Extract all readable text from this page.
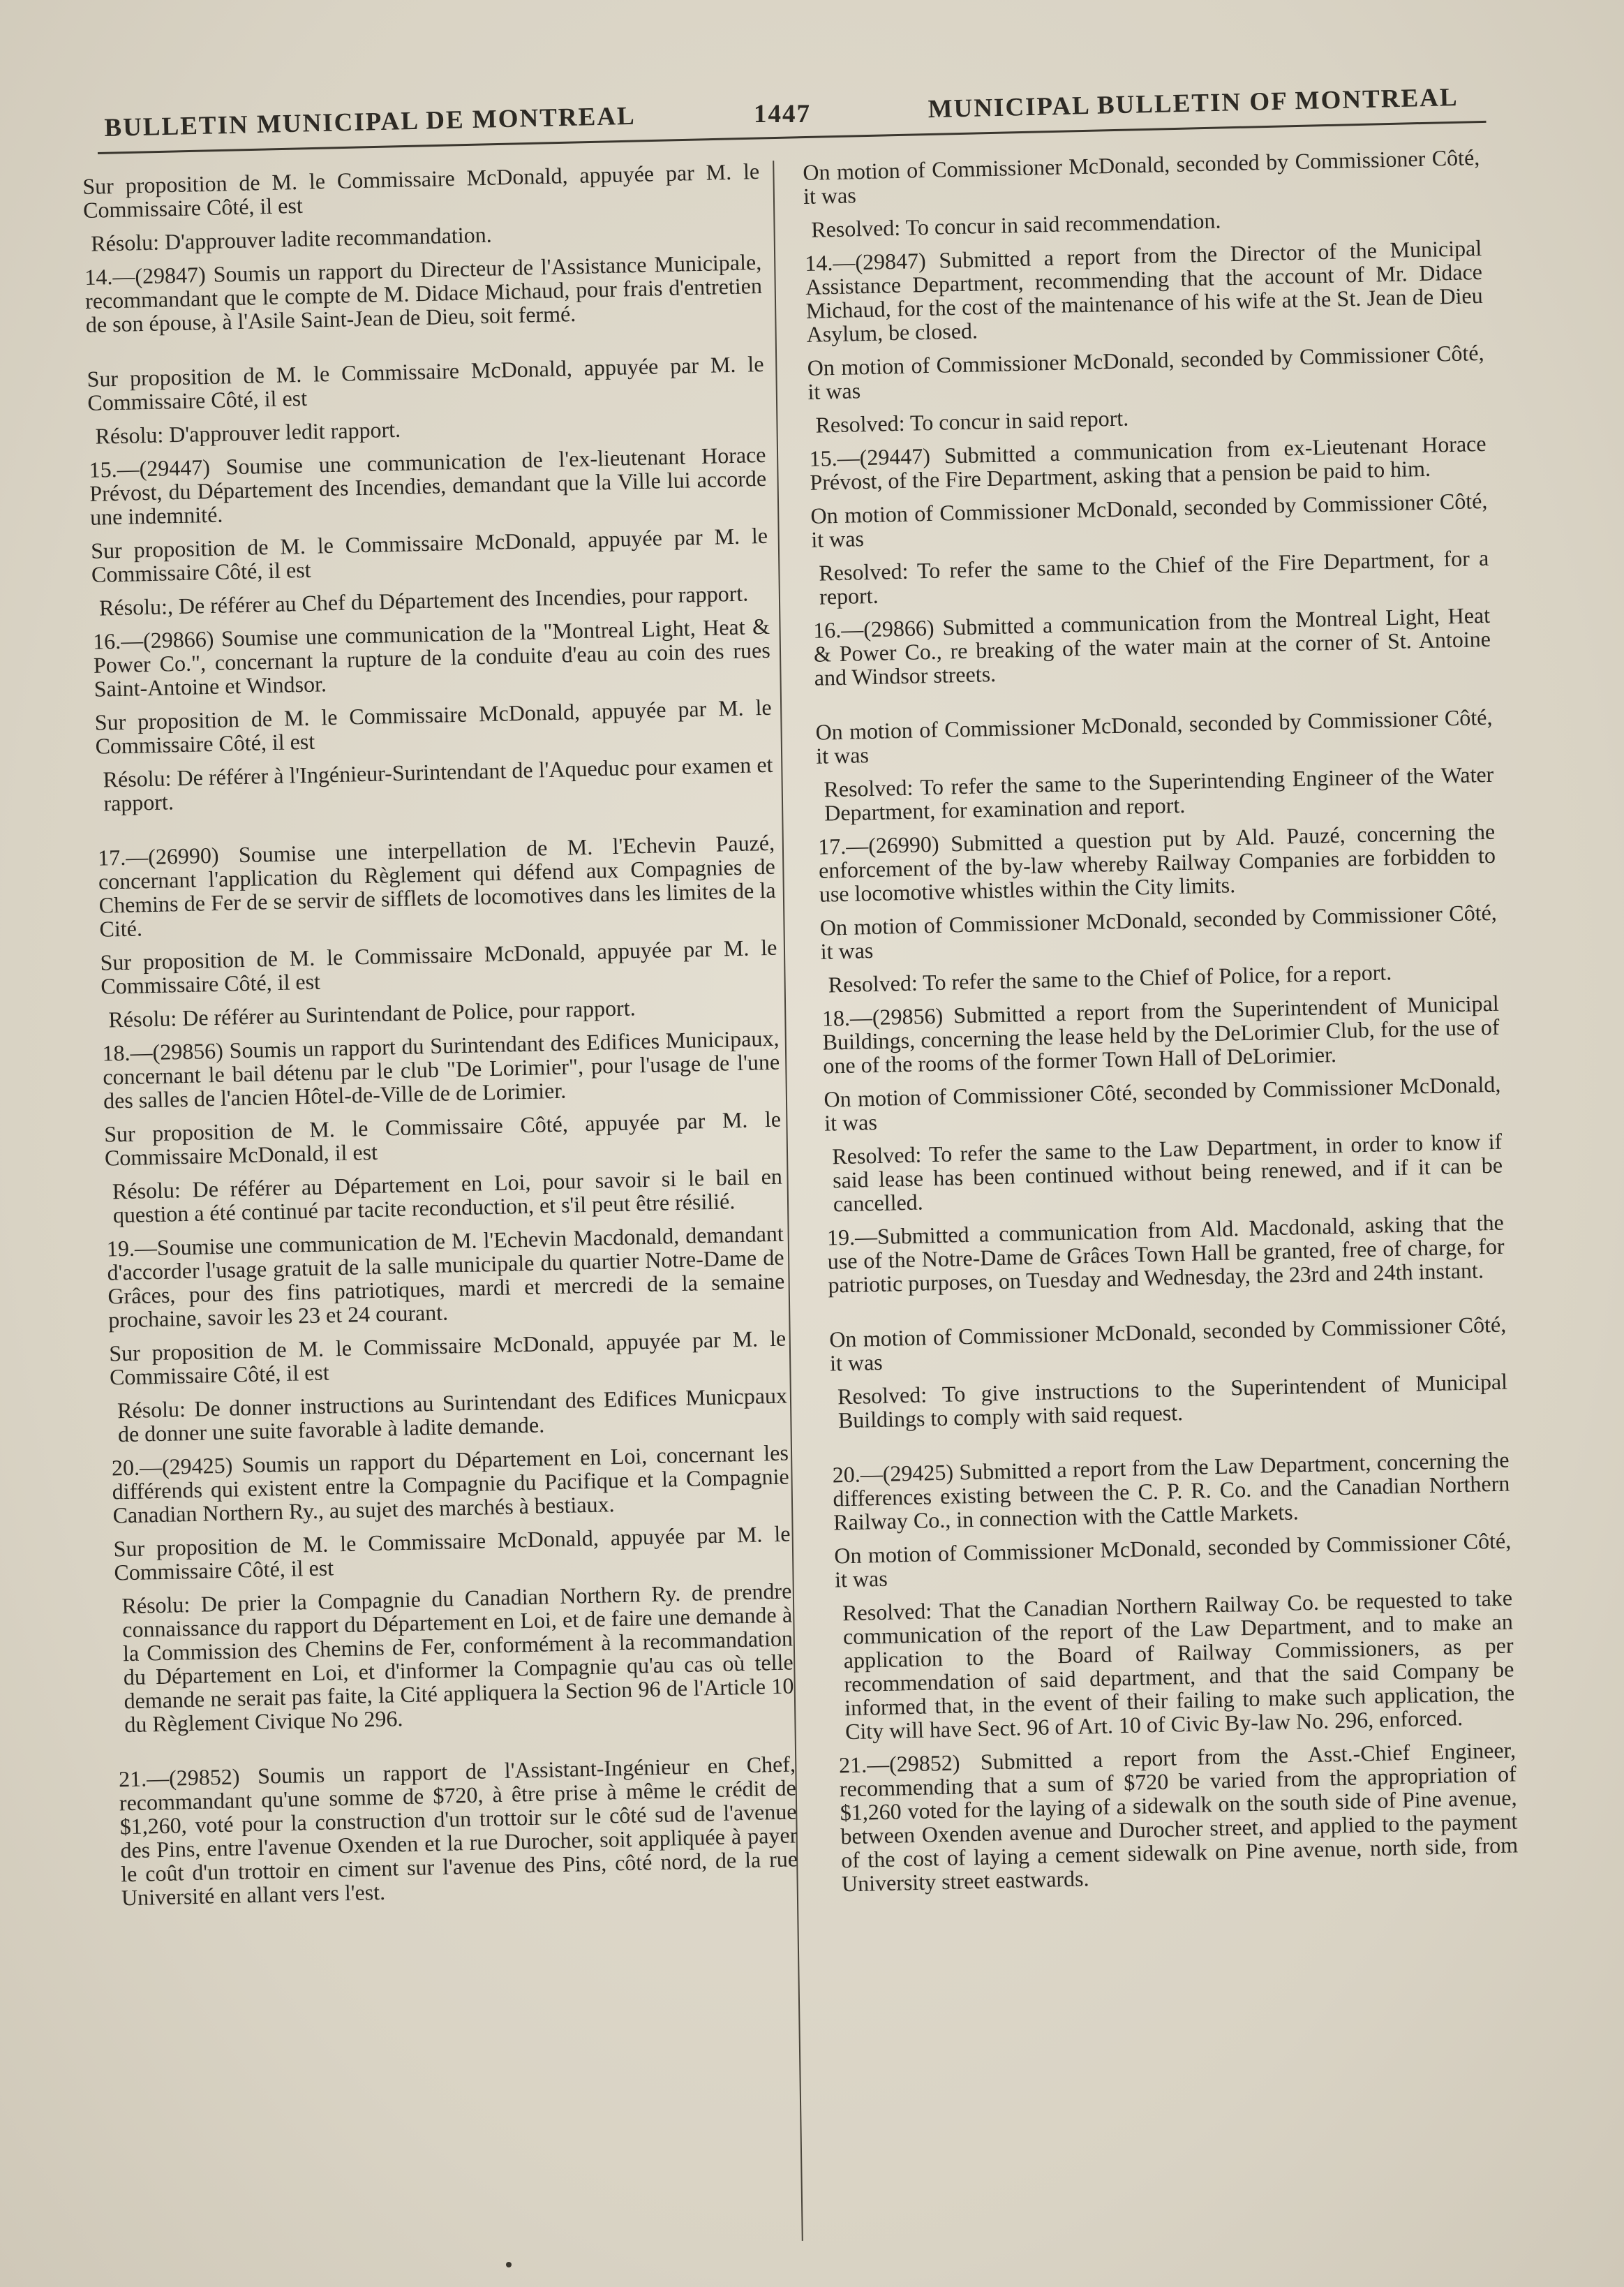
BULLETIN MUNICIPAL DE MONTREAL	1447	MUNICIPAL BULLETIN OF MONTREAL

Sur proposition de M. le Commissaire McDonald, appuyée par M. le Commissaire Côté, il est

Résolu: D'approuver ladite recommandation.

14.—(29847) Soumis un rapport du Directeur de l'Assistance Municipale, recommandant que le compte de M. Didace Michaud, pour frais d'entretien de son épouse, à l'Asile Saint-Jean de Dieu, soit fermé.

Sur proposition de M. le Commissaire McDonald, appuyée par M. le Commissaire Côté, il est

Résolu: D'approuver ledit rapport.

15.—(29447) Soumise une communication de l'ex-lieutenant Horace Prévost, du Département des Incendies, demandant que la Ville lui accorde une indemnité.

Sur proposition de M. le Commissaire McDonald, appuyée par M. le Commissaire Côté, il est

Résolu:, De référer au Chef du Département des Incendies, pour rapport.

16.—(29866) Soumise une communication de la "Montreal Light, Heat & Power Co.", concernant la rupture de la conduite d'eau au coin des rues Saint-Antoine et Windsor.

Sur proposition de M. le Commissaire McDonald, appuyée par M. le Commissaire Côté, il est

Résolu: De référer à l'Ingénieur-Surintendant de l'Aqueduc pour examen et rapport.

17.—(26990) Soumise une interpellation de M. l'Echevin Pauzé, concernant l'application du Règlement qui défend aux Compagnies de Chemins de Fer de se servir de sifflets de locomotives dans les limites de la Cité.

Sur proposition de M. le Commissaire McDonald, appuyée par M. le Commissaire Côté, il est

Résolu: De référer au Surintendant de Police, pour rapport.

18.—(29856) Soumis un rapport du Surintendant des Edifices Municipaux, concernant le bail détenu par le club "De Lorimier", pour l'usage de l'une des salles de l'ancien Hôtel-de-Ville de de Lorimier.

Sur proposition de M. le Commissaire Côté, appuyée par M. le Commissaire McDonald, il est

Résolu: De référer au Département en Loi, pour savoir si le bail en question a été continué par tacite reconduction, et s'il peut être résilié.

19.—Soumise une communication de M. l'Echevin Macdonald, demandant d'accorder l'usage gratuit de la salle municipale du quartier Notre-Dame de Grâces, pour des fins patriotiques, mardi et mercredi de la semaine prochaine, savoir les 23 et 24 courant.

Sur proposition de M. le Commissaire McDonald, appuyée par M. le Commissaire Côté, il est

Résolu: De donner instructions au Surintendant des Edifices Municpaux de donner une suite favorable à ladite demande.

20.—(29425) Soumis un rapport du Département en Loi, concernant les différends qui existent entre la Compagnie du Pacifique et la Compagnie Canadian Northern Ry., au sujet des marchés à bestiaux.

Sur proposition de M. le Commissaire McDonald, appuyée par M. le Commissaire Côté, il est

Résolu: De prier la Compagnie du Canadian Northern Ry. de prendre connaissance du rapport du Département en Loi, et de faire une demande à la Commission des Chemins de Fer, conformément à la recommandation du Département en Loi, et d'informer la Compagnie qu'au cas où telle demande ne serait pas faite, la Cité appliquera la Section 96 de l'Article 10 du Règlement Civique No 296.

21.—(29852) Soumis un rapport de l'Assistant-Ingénieur en Chef, recommandant qu'une somme de $720, à être prise à même le crédit de $1,260, voté pour la construction d'un trottoir sur le côté sud de l'avenue des Pins, entre l'avenue Oxenden et la rue Durocher, soit appliquée à payer le coût d'un trottoir en ciment sur l'avenue des Pins, côté nord, de la rue Université en allant vers l'est.

On motion of Commissioner McDonald, seconded by Commissioner Côté, it was

Resolved: To concur in said recommendation.

14.—(29847) Submitted a report from the Director of the Municipal Assistance Department, recommending that the account of Mr. Didace Michaud, for the cost of the maintenance of his wife at the St. Jean de Dieu Asylum, be closed.

On motion of Commissioner McDonald, seconded by Commissioner Côté, it was

Resolved: To concur in said report.

15.—(29447) Submitted a communication from ex-Lieutenant Horace Prévost, of the Fire Department, asking that a pension be paid to him.

On motion of Commissioner McDonald, seconded by Commissioner Côté, it was

Resolved: To refer the same to the Chief of the Fire Department, for a report.

16.—(29866) Submitted a communication from the Montreal Light, Heat & Power Co., re breaking of the water main at the corner of St. Antoine and Windsor streets.

On motion of Commissioner McDonald, seconded by Commissioner Côté, it was

Resolved: To refer the same to the Superintending Engineer of the Water Department, for examination and report.

17.—(26990) Submitted a question put by Ald. Pauzé, concerning the enforcement of the by-law whereby Railway Companies are forbidden to use locomotive whistles within the City limits.

On motion of Commissioner McDonald, seconded by Commissioner Côté, it was

Resolved: To refer the same to the Chief of Police, for a report.

18.—(29856) Submitted a report from the Superintendent of Municipal Buildings, concerning the lease held by the DeLorimier Club, for the use of one of the rooms of the former Town Hall of DeLorimier.

On motion of Commissioner Côté, seconded by Commissioner McDonald, it was

Resolved: To refer the same to the Law Department, in order to know if said lease has been continued without being renewed, and if it can be cancelled.

19.—Submitted a communication from Ald. Macdonald, asking that the use of the Notre-Dame de Grâces Town Hall be granted, free of charge, for patriotic purposes, on Tuesday and Wednesday, the 23rd and 24th instant.

On motion of Commissioner McDonald, seconded by Commissioner Côté, it was

Resolved: To give instructions to the Superintendent of Municipal Buildings to comply with said request.

20.—(29425) Submitted a report from the Law Department, concerning the differences existing between the C. P. R. Co. and the Canadian Northern Railway Co., in connection with the Cattle Markets.

On motion of Commissioner McDonald, seconded by Commissioner Côté, it was

Resolved: That the Canadian Northern Railway Co. be requested to take communication of the report of the Law Department, and to make an application to the Board of Railway Commissioners, as per recommendation of said department, and that the said Company be informed that, in the event of their failing to make such application, the City will have Sect. 96 of Art. 10 of Civic By-law No. 296, enforced.

21.—(29852) Submitted a report from the Asst.-Chief Engineer, recommending that a sum of $720 be varied from the appropriation of $1,260 voted for the laying of a sidewalk on the south side of Pine avenue, between Oxenden avenue and Durocher street, and applied to the payment of the cost of laying a cement sidewalk on Pine avenue, north side, from University street eastwards.
